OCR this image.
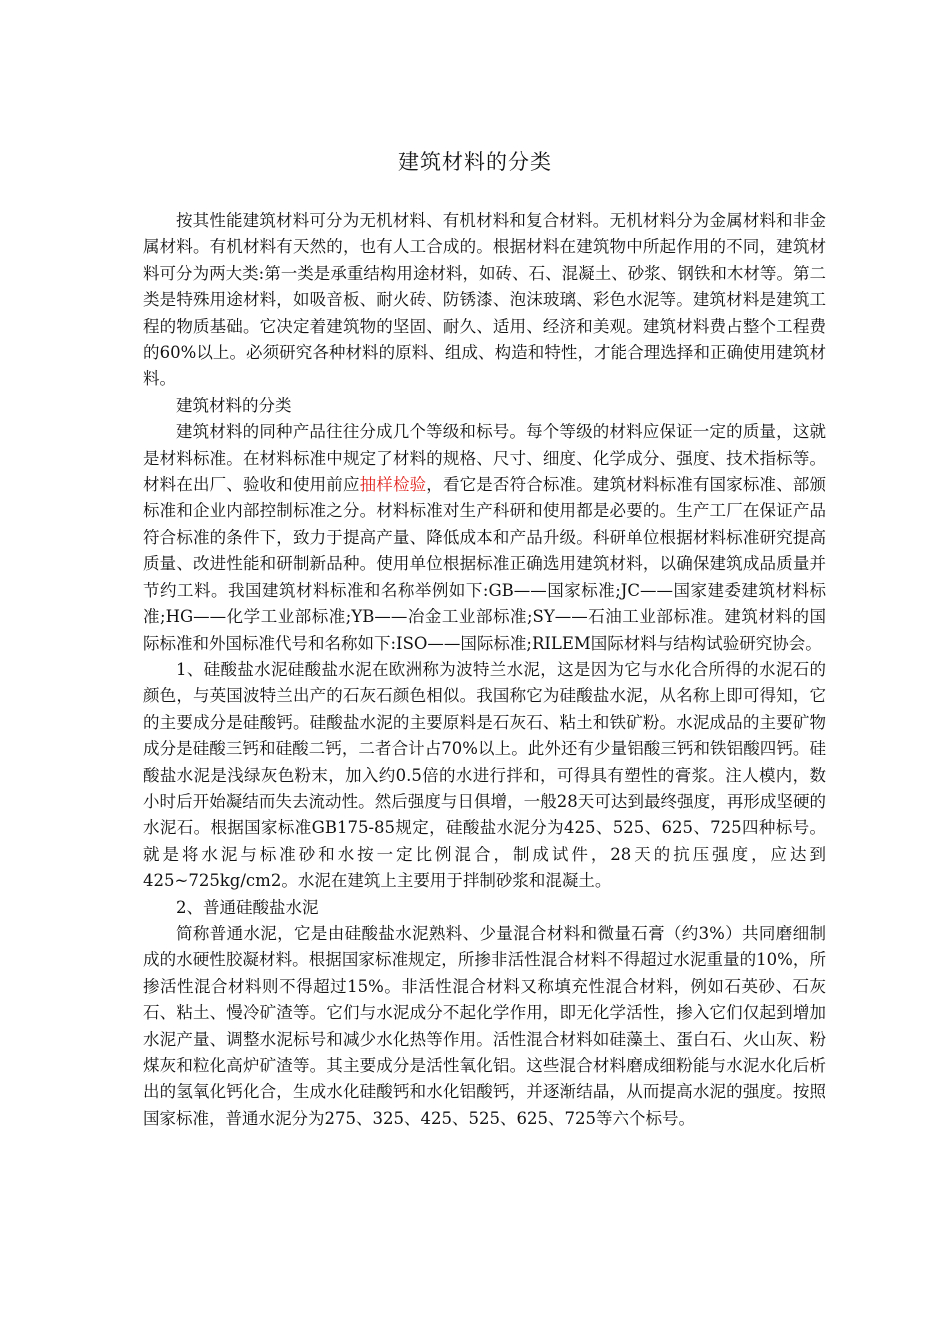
建筑材料的分类

按其性能建筑材料可分为无机材料、有机材料和复合材料。无机材料分为金属材料和非金属材料。有机材料有天然的，也有人工合成的。根据材料在建筑物中所起作用的不同，建筑材料可分为两大类:第一类是承重结构用途材料，如砖、石、混凝土、砂浆、钢铁和木材等。第二类是特殊用途材料，如吸音板、耐火砖、防锈漆、泡沫玻璃、彩色水泥等。建筑材料是建筑工程的物质基础。它决定着建筑物的坚固、耐久、适用、经济和美观。建筑材料费占整个工程费的60%以上。必须研究各种材料的原料、组成、构造和特性，才能合理选择和正确使用建筑材料。

建筑材料的分类

建筑材料的同种产品往往分成几个等级和标号。每个等级的材料应保证一定的质量，这就是材料标准。在材料标准中规定了材料的规格、尺寸、细度、化学成分、强度、技术指标等。材料在出厂、验收和使用前应抽样检验，看它是否符合标准。建筑材料标准有国家标准、部颁标准和企业内部控制标准之分。材料标准对生产科研和使用都是必要的。生产工厂在保证产品符合标准的条件下，致力于提高产量、降低成本和产品升级。科研单位根据材料标准研究提高质量、改进性能和研制新品种。使用单位根据标准正确选用建筑材料，以确保建筑成品质量并节约工料。我国建筑材料标准和名称举例如下:GB——国家标准;JC——国家建委建筑材料标准;HG——化学工业部标准;YB——冶金工业部标准;SY——石油工业部标准。建筑材料的国际标准和外国标准代号和名称如下:ISO——国际标准;RILEM国际材料与结构试验研究协会。

1、硅酸盐水泥硅酸盐水泥在欧洲称为波特兰水泥，这是因为它与水化合所得的水泥石的颜色，与英国波特兰出产的石灰石颜色相似。我国称它为硅酸盐水泥，从名称上即可得知，它的主要成分是硅酸钙。硅酸盐水泥的主要原料是石灰石、粘土和铁矿粉。水泥成品的主要矿物成分是硅酸三钙和硅酸二钙，二者合计占70%以上。此外还有少量铝酸三钙和铁铝酸四钙。硅酸盐水泥是浅绿灰色粉末，加入约0.5倍的水进行拌和，可得具有塑性的膏浆。注人模内，数小时后开始凝结而失去流动性。然后强度与日俱增，一般28天可达到最终强度，再形成坚硬的水泥石。根据国家标准GB175-85规定，硅酸盐水泥分为425、525、625、725四种标号。就是将水泥与标准砂和水按一定比例混合，制成试件，28天的抗压强度，应达到425~725kg/cm2。水泥在建筑上主要用于拌制砂浆和混凝土。

2、普通硅酸盐水泥

简称普通水泥，它是由硅酸盐水泥熟料、少量混合材料和微量石膏（约3%）共同磨细制成的水硬性胶凝材料。根据国家标准规定，所掺非活性混合材料不得超过水泥重量的10%，所掺活性混合材料则不得超过15%。非活性混合材料又称填充性混合材料，例如石英砂、石灰石、粘土、慢冷矿渣等。它们与水泥成分不起化学作用，即无化学活性，掺入它们仅起到增加水泥产量、调整水泥标号和减少水化热等作用。活性混合材料如硅藻土、蛋白石、火山灰、粉煤灰和粒化高炉矿渣等。其主要成分是活性氧化铝。这些混合材料磨成细粉能与水泥水化后析出的氢氧化钙化合，生成水化硅酸钙和水化铝酸钙，并逐渐结晶，从而提高水泥的强度。按照国家标准，普通水泥分为275、325、425、525、625、725等六个标号。
